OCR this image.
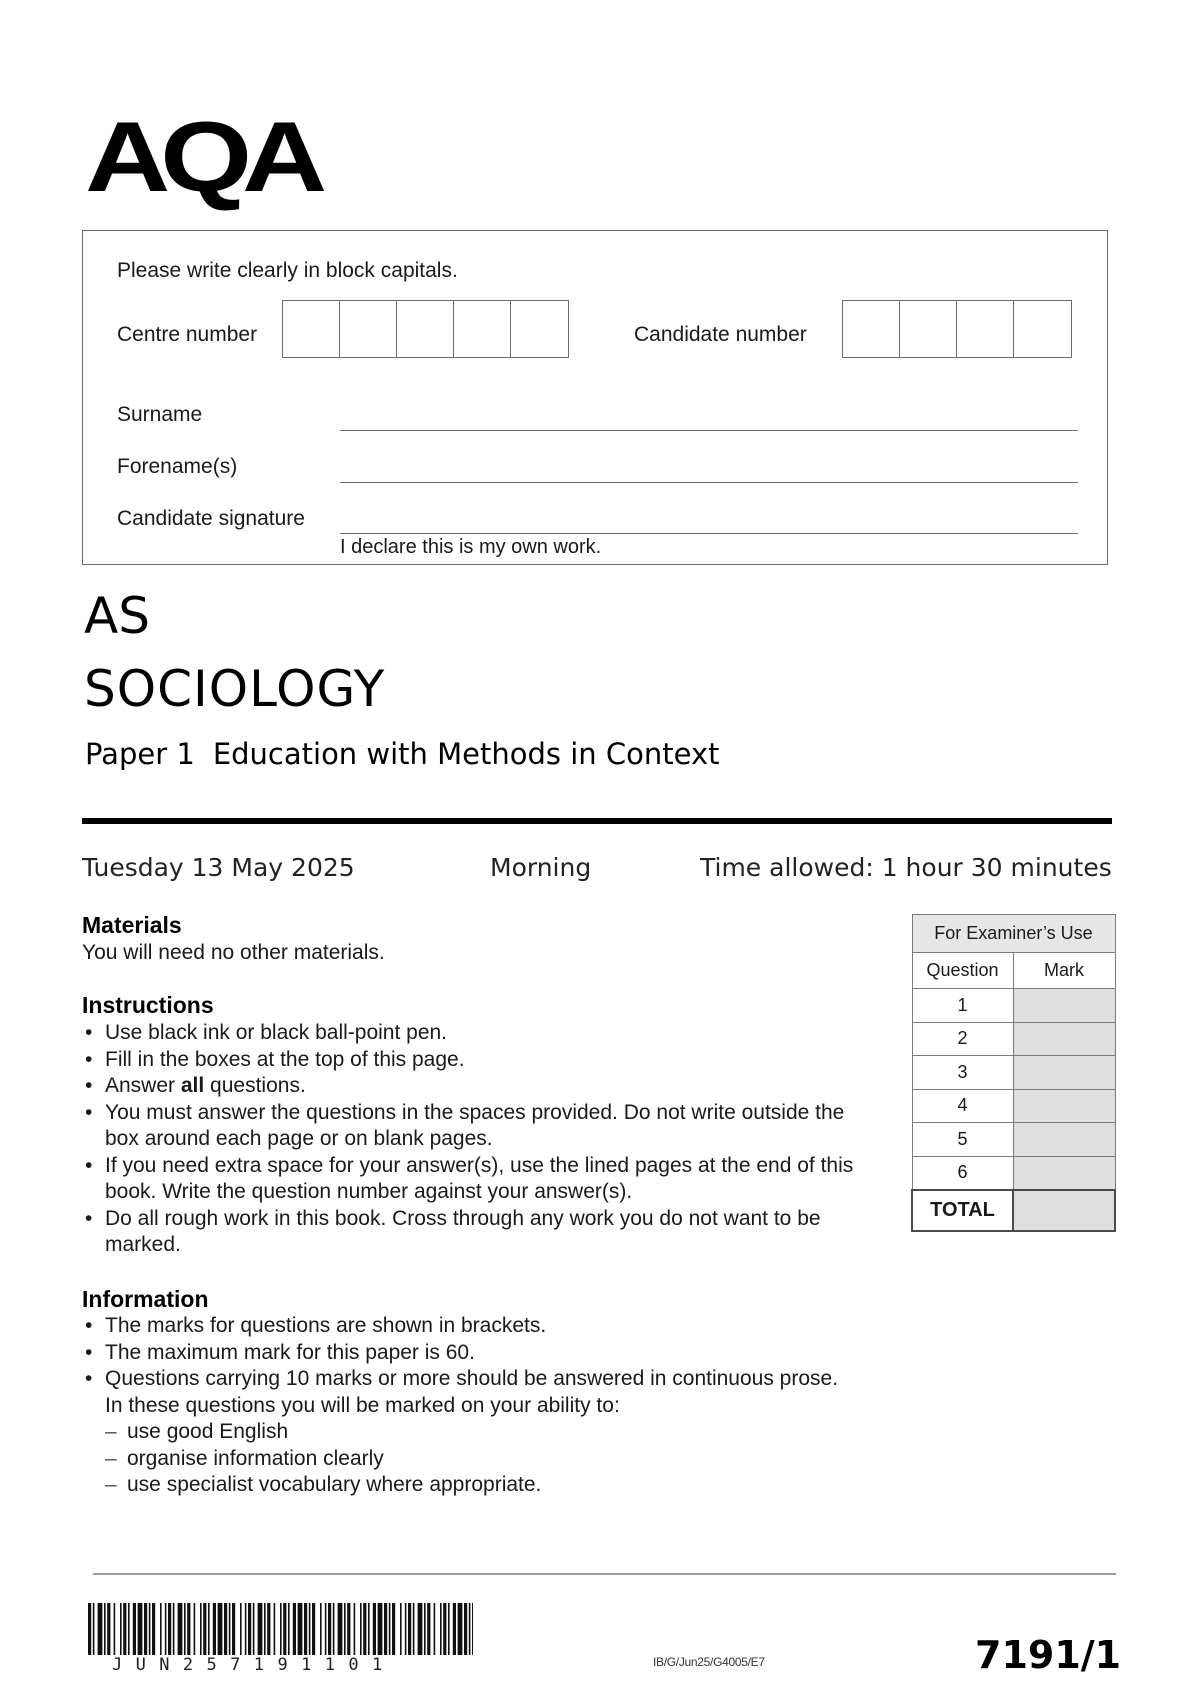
AQA
Please write clearly in block capitals.
Centre number	Candidate number
Surname
Forename(s)
Candidate signature
I declare this is my own work.
AS
SOCIOLOGY
Paper 1 Education with Methods in Context
Tuesday 13 May 2025	Morning	Time allowed: 1 hour 30 minutes
Materials
You will need no other materials.
Instructions
• Use black ink or black ball-point pen.
• Fill in the boxes at the top of this page.
• Answer all questions.
• You must answer the questions in the spaces provided. Do not write outside the box around each page or on blank pages.
• If you need extra space for your answer(s), use the lined pages at the end of this book. Write the question number against your answer(s).
• Do all rough work in this book. Cross through any work you do not want to be marked.
Information
• The marks for questions are shown in brackets.
• The maximum mark for this paper is 60.
• Questions carrying 10 marks or more should be answered in continuous prose.
In these questions you will be marked on your ability to:
– use good English
– organise information clearly
– use specialist vocabulary where appropriate.
For Examiner’s Use	
Question	Mark
1	
2	
3	
4	
5	
6	
TOTAL	
JUN257191101	IB/G/Jun25/G4005/E7	7191/1
